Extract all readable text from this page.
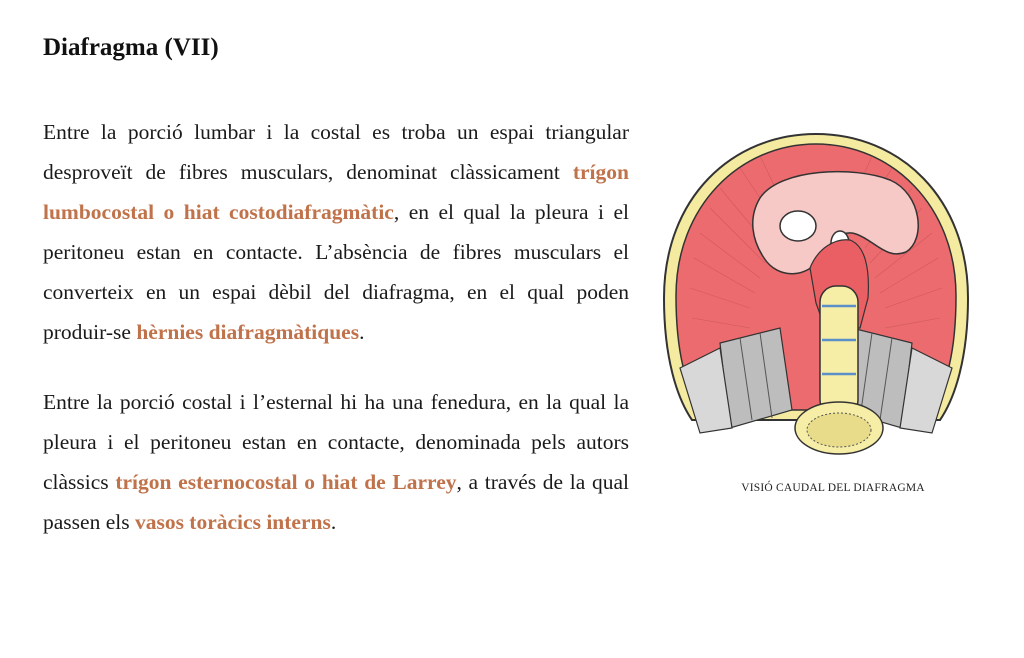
Diafragma (VII)

Entre la porció lumbar i la costal es troba un espai triangular desproveït de fibres musculars, denominat clàssicament trígon lumbocostal o hiat costodiafragmàtic, en el qual la pleura i el peritoneu estan en contacte. L’absència de fibres musculars el converteix en un espai dèbil del diafragma, en el qual poden produir-se hèrnies diafragmàtiques.

Entre la porció costal i l’esternal hi ha una fenedura, en la qual la pleura i el peritoneu estan en contacte, denominada pels autors clàssics trígon esternocostal o hiat de Larrey, a través de la qual passen els vasos toràcics interns.

VISIÓ CAUDAL DEL DIAFRAGMA
